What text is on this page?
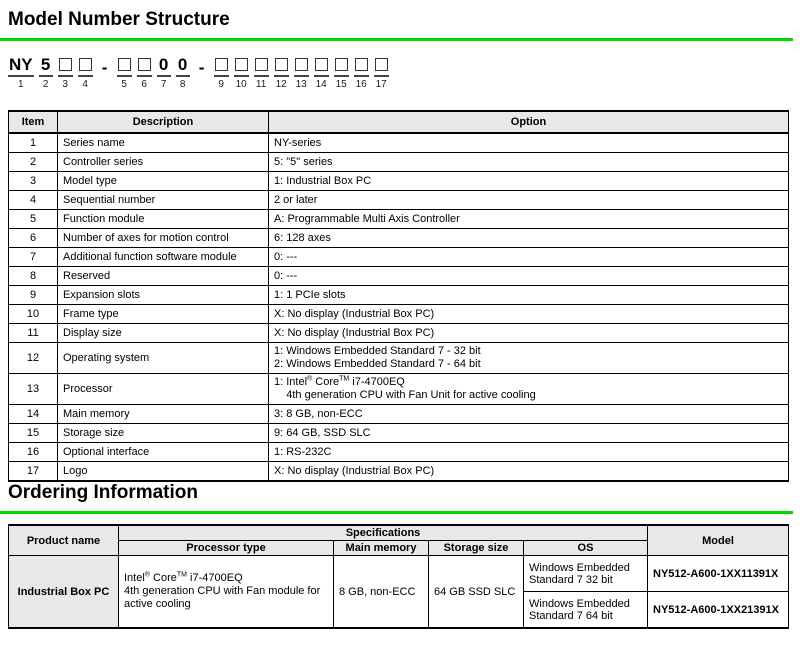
Model Number Structure
NY
1
5
2 3 4
-
5 6
0
7
0
8
-
9 10 11 12 13 14 15 16 17
Item	Description	Option
1	Series name	NY-series

2	Controller series	5: "5" series

3	Model type	1: Industrial Box PC

4	Sequential number	2 or later

5	Function module	A: Programmable Multi Axis Controller

6	Number of axes for motion control	6: 128 axes

7	Additional function software module	0: ---

8	Reserved	0: ---

9	Expansion slots	1: 1 PCIe slots

10	Frame type	X: No display (Industrial Box PC)

11	Display size	X: No display (Industrial Box PC)

12	Operating system	1: Windows Embedded Standard 7 - 32 bit
2: Windows Embedded Standard 7 - 64 bit

13	Processor	1: Intel® Core™ i7-4700EQ
4th generation CPU with Fan Unit for active cooling

14	Main memory	3: 8 GB, non-ECC

15	Storage size	9: 64 GB, SSD SLC

16	Optional interface	1: RS-232C

17	Logo	X: No display (Industrial Box PC)
Ordering Information
Product name	Specifications				Model
	Processor type	Main memory	Storage size	OS	
Industrial Box PC	Intel® Core™ i7-4700EQ
4th generation CPU with Fan module for active cooling	8 GB, non-ECC	64 GB SSD SLC	Windows Embedded Standard 7 32 bit	NY512-A600-1XX11391X
				Windows Embedded Standard 7 64 bit	NY512-A600-1XX21391X
